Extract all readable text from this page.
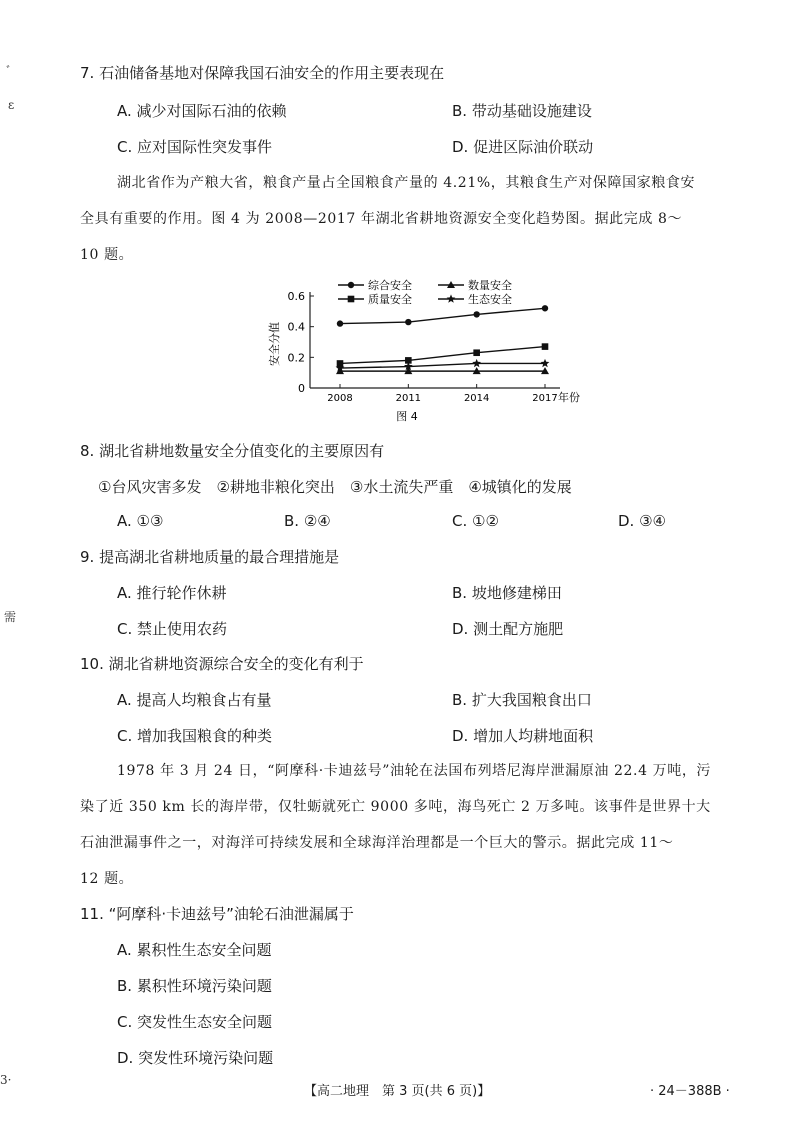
ﾞ
ɛ
需
3·
7. 石油储备基地对保障我国石油安全的作用主要表现在
A. 减少对国际石油的依赖	B. 带动基础设施建设
C. 应对国际性突发事件	D. 促进区际油价联动
湖北省作为产粮大省，粮食产量占全国粮食产量的 4.21%，其粮食生产对保障国家粮食安
全具有重要的作用。图 4 为 2008—2017 年湖北省耕地资源安全变化趋势图。据此完成 8～
10 题。
综合安全	数量安全
质量安全	生态安全
0
0.2
0.4
0.6
2008	2011	2014	2017
安全分值
年份
图 4
8. 湖北省耕地数量安全分值变化的主要原因有
①台风灾害多发　②耕地非粮化突出　③水土流失严重　④城镇化的发展
A. ①③	B. ②④	C. ①②	D. ③④
9. 提高湖北省耕地质量的最合理措施是
A. 推行轮作休耕	B. 坡地修建梯田
C. 禁止使用农药	D. 测土配方施肥
10. 湖北省耕地资源综合安全的变化有利于
A. 提高人均粮食占有量	B. 扩大我国粮食出口
C. 增加我国粮食的种类	D. 增加人均耕地面积
1978 年 3 月 24 日，“阿摩科·卡迪兹号”油轮在法国布列塔尼海岸泄漏原油 22.4 万吨，污
染了近 350 km 长的海岸带，仅牡蛎就死亡 9000 多吨，海鸟死亡 2 万多吨。该事件是世界十大
石油泄漏事件之一，对海洋可持续发展和全球海洋治理都是一个巨大的警示。据此完成 11～
12 题。
11. “阿摩科·卡迪兹号”油轮石油泄漏属于
A. 累积性生态安全问题
B. 累积性环境污染问题
C. 突发性生态安全问题
D. 突发性环境污染问题
【高二地理　第 3 页(共 6 页)】	· 24－388B ·
